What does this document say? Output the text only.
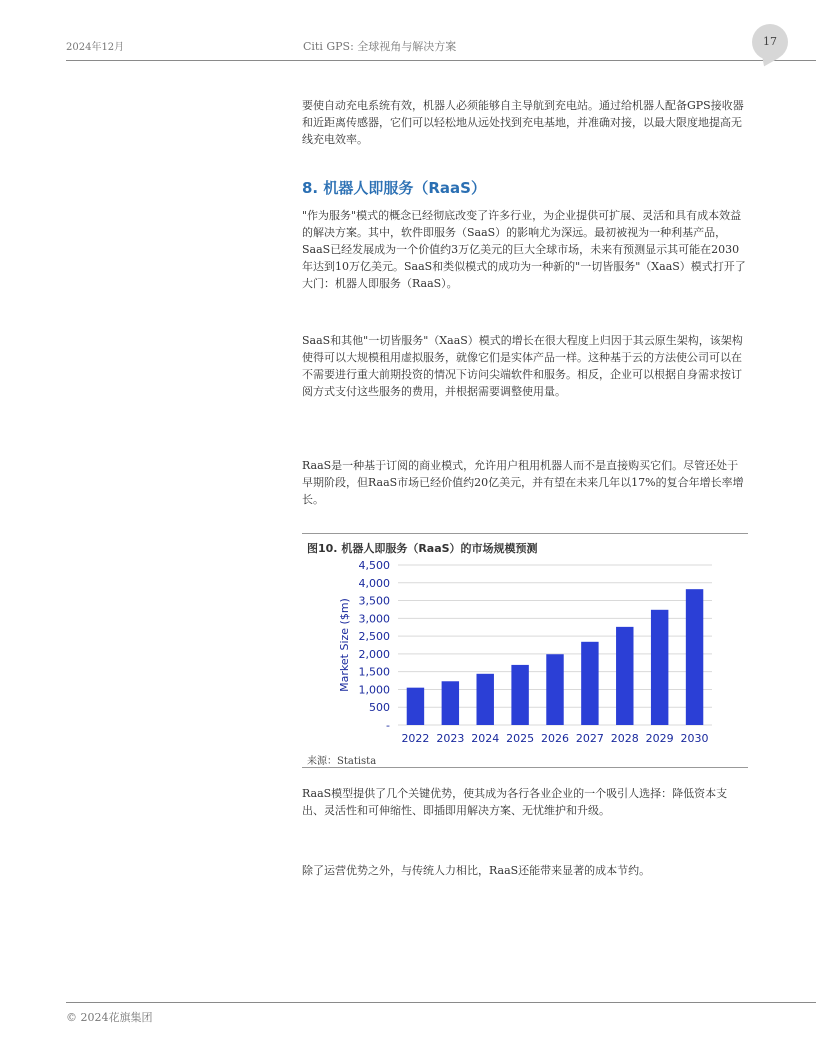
2024年12月	Citi GPS: 全球视角与解决方案	17

要使自动充电系统有效，机器人必须能够自主导航到充电站。通过给机器人配备GPS接收器和近距离传感器，它们可以轻松地从远处找到充电基地，并准确对接，以最大限度地提高无线充电效率。

8. 机器人即服务（RaaS）

"作为服务"模式的概念已经彻底改变了许多行业，为企业提供可扩展、灵活和具有成本效益的解决方案。其中，软件即服务（SaaS）的影响尤为深远。最初被视为一种利基产品，SaaS已经发展成为一个价值约3万亿美元的巨大全球市场，未来有预测显示其可能在2030年达到10万亿美元。SaaS和类似模式的成功为一种新的"一切皆服务"（XaaS）模式打开了大门：机器人即服务（RaaS）。

SaaS和其他"一切皆服务"（XaaS）模式的增长在很大程度上归因于其云原生架构，该架构使得可以大规模租用虚拟服务，就像它们是实体产品一样。这种基于云的方法使公司可以在不需要进行重大前期投资的情况下访问尖端软件和服务。相反，企业可以根据自身需求按订阅方式支付这些服务的费用，并根据需要调整使用量。

RaaS是一种基于订阅的商业模式，允许用户租用机器人而不是直接购买它们。尽管还处于早期阶段，但RaaS市场已经价值约20亿美元，并有望在未来几年以17%的复合年增长率增长。

图10. 机器人即服务（RaaS）的市场规模预测
-
500
1,000
1,500
2,000
2,500
3,000
3,500
4,000
4,500
2022 2023 2024 2025 2026 2027 2028 2029 2030
Market Size ($m)
来源：Statista

RaaS模型提供了几个关键优势，使其成为各行各业企业的一个吸引人选择：降低资本支出、灵活性和可伸缩性、即插即用解决方案、无忧维护和升级。

除了运营优势之外，与传统人力相比，RaaS还能带来显著的成本节约。

© 2024花旗集团
